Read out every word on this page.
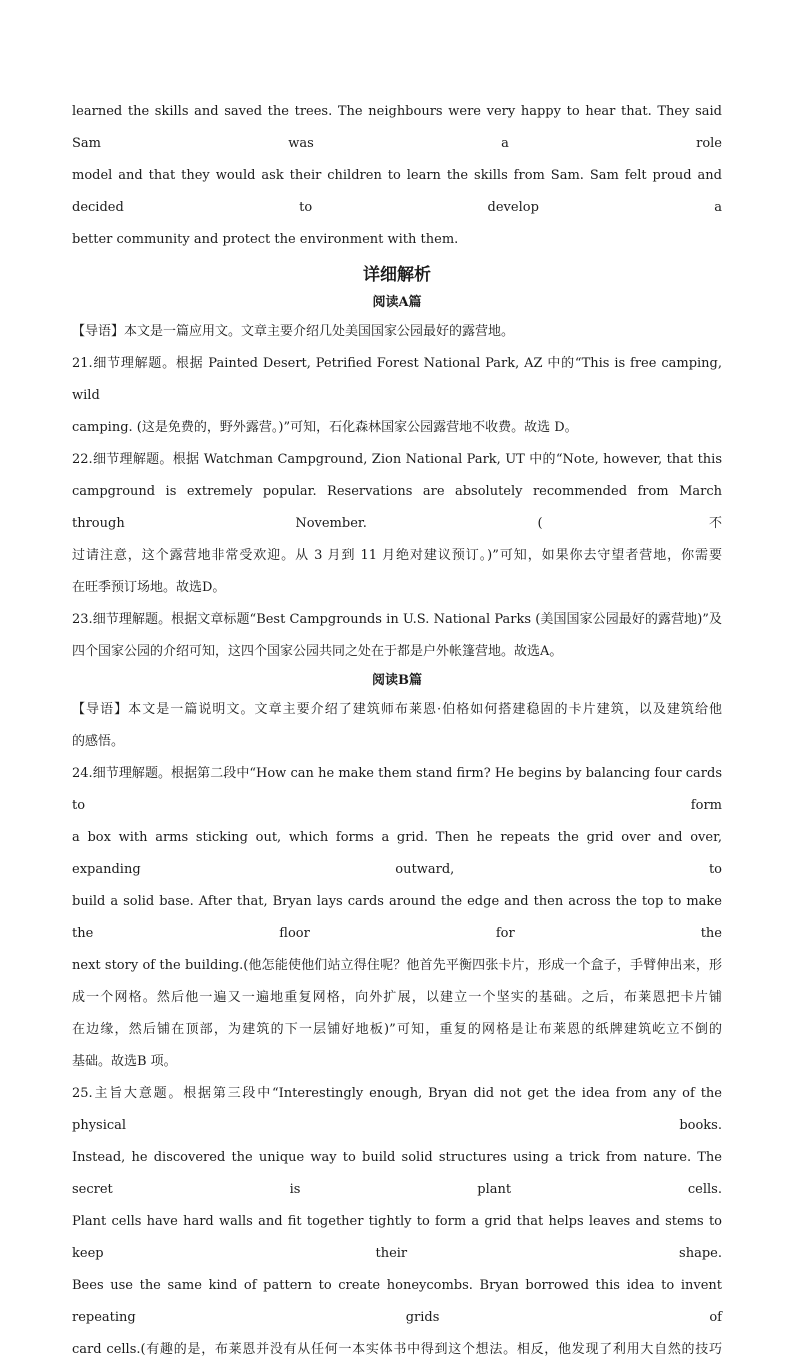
learned the skills and saved the trees. The neighbours were very happy to hear that. They said Sam was a role
model and that they would ask their children to learn the skills from Sam. Sam felt proud and decided to develop a
better community and protect the environment with them.
详细解析
阅读A篇
【导语】本文是一篇应用文。文章主要介绍几处美国国家公园最好的露营地。
21.细节理解题。根据 Painted Desert, Petrified Forest National Park, AZ 中的“This is free camping, wild
camping. (这是免费的，野外露营。)”可知，石化森林国家公园露营地不收费。故选 D。
22.细节理解题。根据 Watchman Campground, Zion National Park, UT 中的“Note, however, that this
campground is extremely popular. Reservations are absolutely recommended from March through November. (不
过请注意，这个露营地非常受欢迎。从 3 月到 11 月绝对建议预订。)”可知，如果你去守望者营地，你需要
在旺季预订场地。故选D。
23.细节理解题。根据文章标题“Best Campgrounds in U.S. National Parks (美国国家公园最好的露营地)”及
四个国家公园的介绍可知，这四个国家公园共同之处在于都是户外帐篷营地。故选A。
阅读B篇
【导语】本文是一篇说明文。文章主要介绍了建筑师布莱恩·伯格如何搭建稳固的卡片建筑，以及建筑给他
的感悟。
24.细节理解题。根据第二段中“How can he make them stand firm? He begins by balancing four cards to form
a box with arms sticking out, which forms a grid. Then he repeats the grid over and over, expanding outward, to
build a solid base. After that, Bryan lays cards around the edge and then across the top to make the floor for the
next story of the building.(他怎能使他们站立得住呢？他首先平衡四张卡片，形成一个盒子，手臂伸出来，形
成一个网格。然后他一遍又一遍地重复网格，向外扩展，以建立一个坚实的基础。之后，布莱恩把卡片铺
在边缘，然后铺在顶部，为建筑的下一层铺好地板)”可知，重复的网格是让布莱恩的纸牌建筑屹立不倒的
基础。故选B 项。
25.主旨大意题。根据第三段中“Interestingly enough, Bryan did not get the idea from any of the physical books.
Instead, he discovered the unique way to build solid structures using a trick from nature. The secret is plant cells.
Plant cells have hard walls and fit together tightly to form a grid that helps leaves and stems to keep their shape.
Bees use the same kind of pattern to create honeycombs. Bryan borrowed this idea to invent repeating grids of
card cells.(有趣的是，布莱恩并没有从任何一本实体书中得到这个想法。相反，他发现了利用大自然的技巧
